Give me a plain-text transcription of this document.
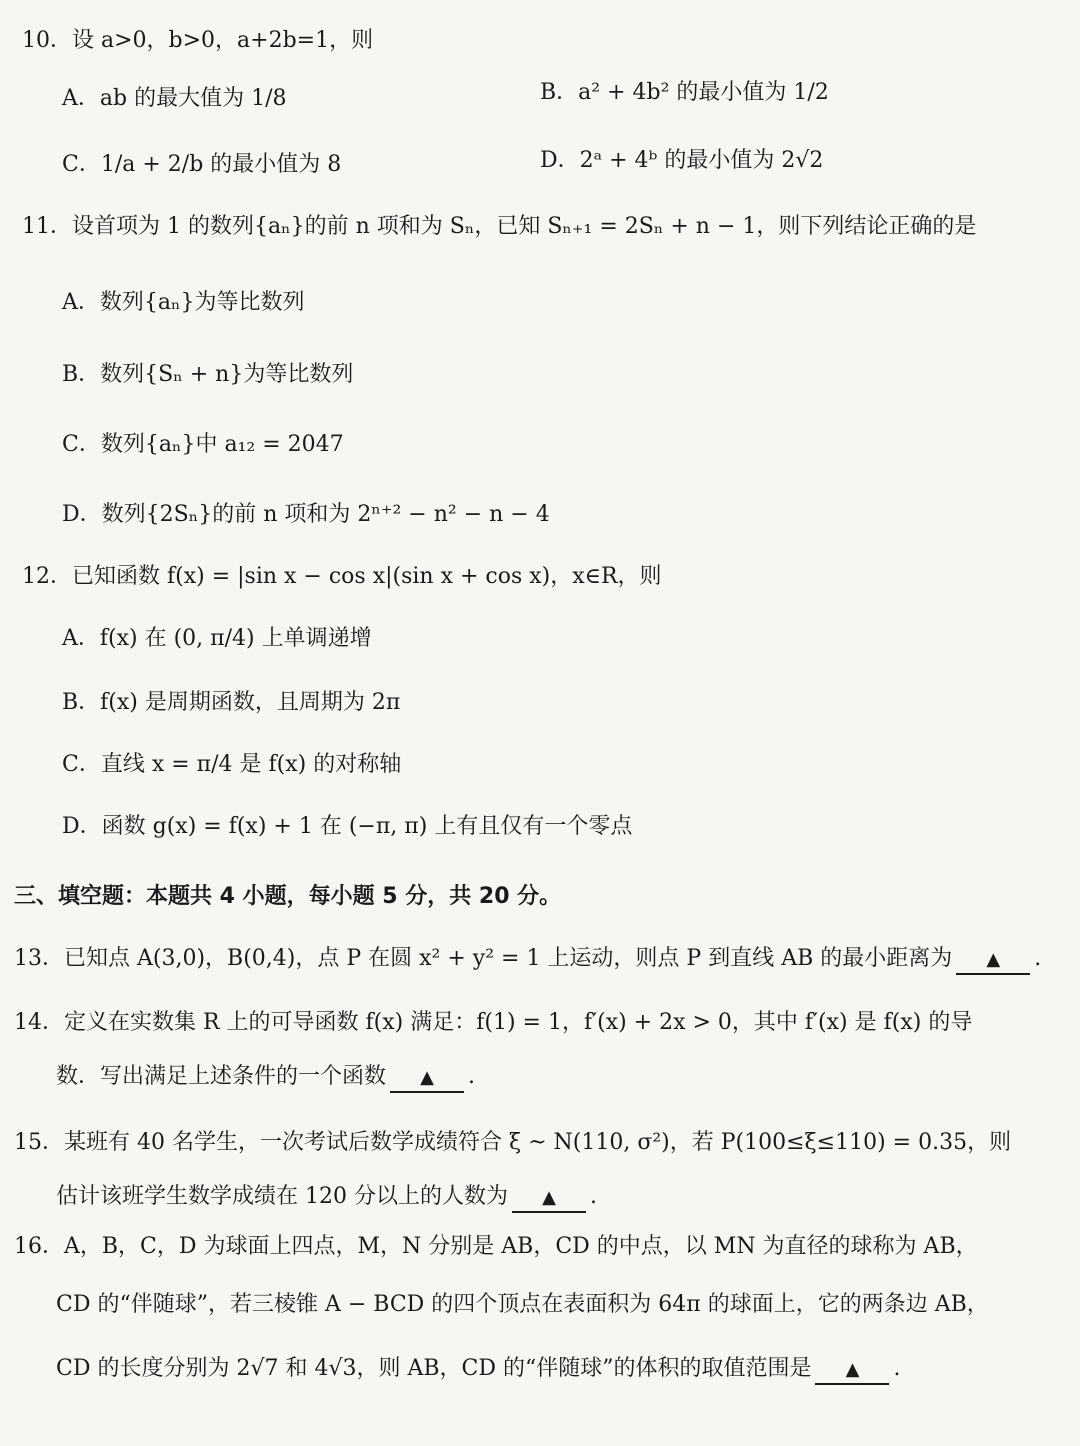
10．设 a>0，b>0，a+2b=1，则
A．ab 的最大值为 1/8	B．a² + 4b² 的最小值为 1/2
C．1/a + 2/b 的最小值为 8	D．2ᵃ + 4ᵇ 的最小值为 2√2
11．设首项为 1 的数列{aₙ}的前 n 项和为 Sₙ，已知 Sₙ₊₁ = 2Sₙ + n − 1，则下列结论正确的是
A．数列{aₙ}为等比数列
B．数列{Sₙ + n}为等比数列
C．数列{aₙ}中 a₁₂ = 2047
D．数列{2Sₙ}的前 n 项和为 2ⁿ⁺² − n² − n − 4
12．已知函数 f(x) = |sin x − cos x|(sin x + cos x)，x∈R，则
A．f(x) 在 (0, π/4) 上单调递增
B．f(x) 是周期函数，且周期为 2π
C．直线 x = π/4 是 f(x) 的对称轴
D．函数 g(x) = f(x) + 1 在 (−π, π) 上有且仅有一个零点
三、填空题：本题共 4 小题，每小题 5 分，共 20 分。
13．已知点 A(3,0)，B(0,4)，点 P 在圆 x² + y² = 1 上运动，则点 P 到直线 AB 的最小距离为 ▲ .
14．定义在实数集 R 上的可导函数 f(x) 满足：f(1) = 1，f′(x) + 2x > 0，其中 f′(x) 是 f(x) 的导
数．写出满足上述条件的一个函数 ▲ .
15．某班有 40 名学生，一次考试后数学成绩符合 ξ ~ N(110, σ²)，若 P(100≤ξ≤110) = 0.35，则
估计该班学生数学成绩在 120 分以上的人数为 ▲ .
16．A，B，C，D 为球面上四点，M，N 分别是 AB，CD 的中点，以 MN 为直径的球称为 AB，
CD 的“伴随球”，若三棱锥 A − BCD 的四个顶点在表面积为 64π 的球面上，它的两条边 AB，
CD 的长度分别为 2√7 和 4√3，则 AB，CD 的“伴随球”的体积的取值范围是 ▲ .
